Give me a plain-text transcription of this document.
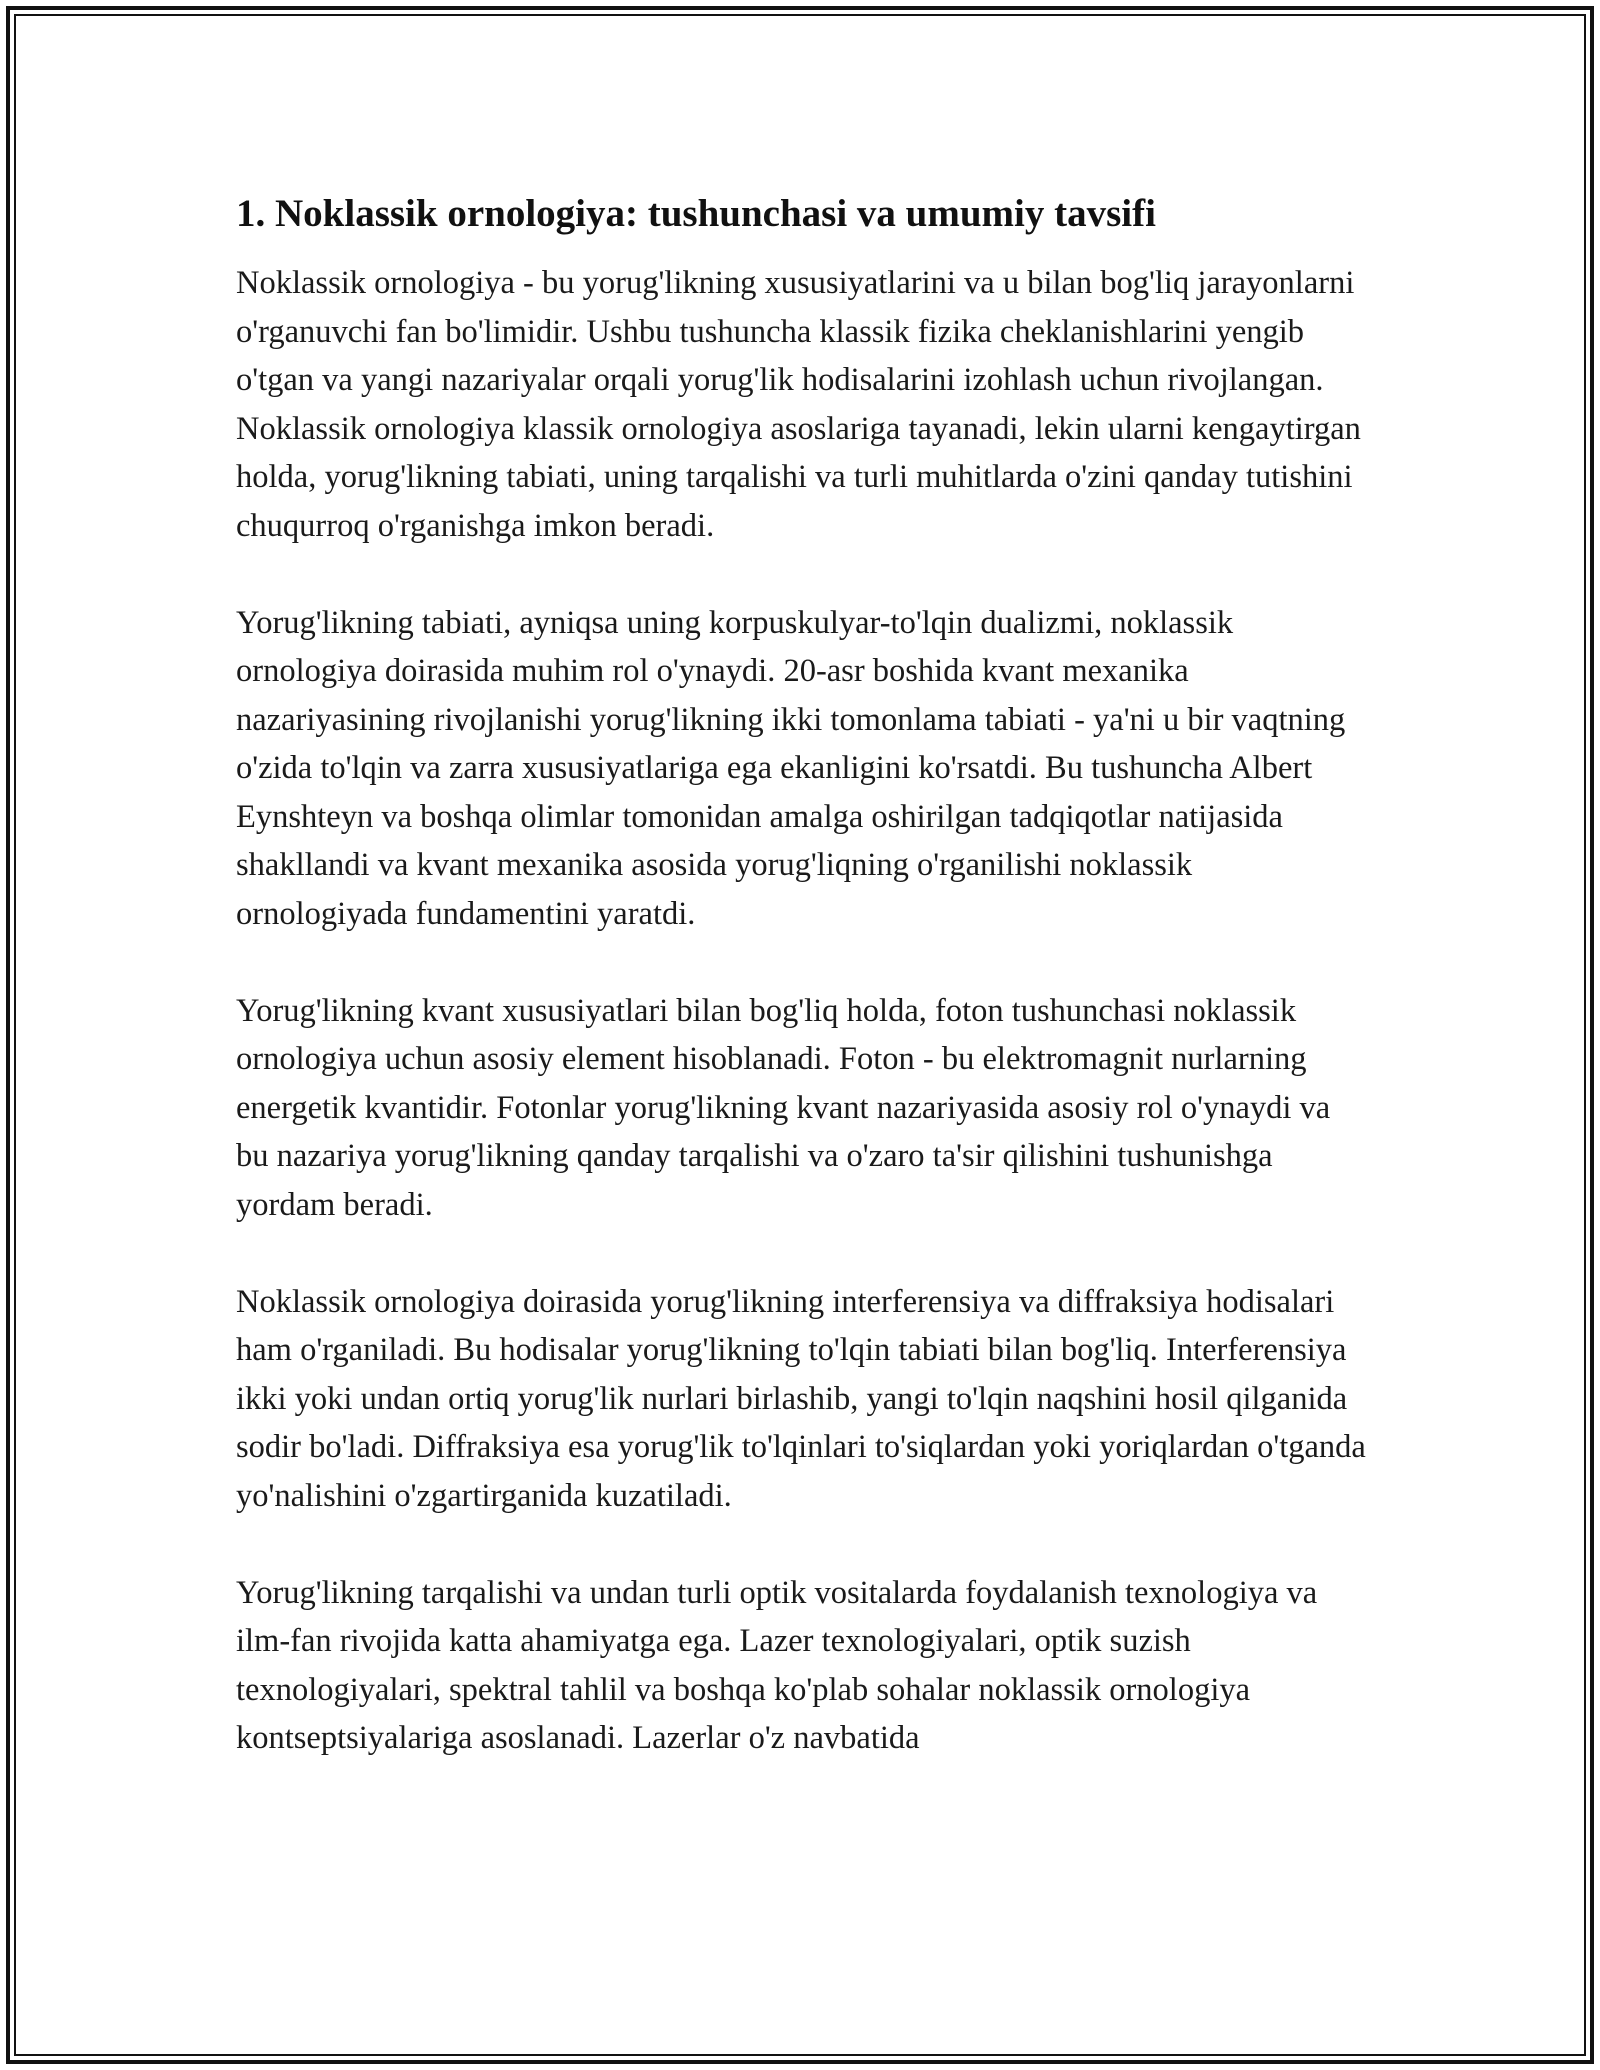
1. Noklassik ornologiya: tushunchasi va umumiy tavsifi

Noklassik ornologiya - bu yorug'likning xususiyatlarini va u bilan bog'liq jarayonlarni o'rganuvchi fan bo'limidir. Ushbu tushuncha klassik fizika cheklanishlarini yengib o'tgan va yangi nazariyalar orqali yorug'lik hodisalarini izohlash uchun rivojlangan. Noklassik ornologiya klassik ornologiya asoslariga tayanadi, lekin ularni kengaytirgan holda, yorug'likning tabiati, uning tarqalishi va turli muhitlarda o'zini qanday tutishini chuqurroq o'rganishga imkon beradi.

Yorug'likning tabiati, ayniqsa uning korpuskulyar-to'lqin dualizmi, noklassik ornologiya doirasida muhim rol o'ynaydi. 20-asr boshida kvant mexanika nazariyasining rivojlanishi yorug'likning ikki tomonlama tabiati - ya'ni u bir vaqtning o'zida to'lqin va zarra xususiyatlariga ega ekanligini ko'rsatdi. Bu tushuncha Albert Eynshteyn va boshqa olimlar tomonidan amalga oshirilgan tadqiqotlar natijasida shakllandi va kvant mexanika asosida yorug'liqning o'rganilishi noklassik ornologiyada fundamentini yaratdi.

Yorug'likning kvant xususiyatlari bilan bog'liq holda, foton tushunchasi noklassik ornologiya uchun asosiy element hisoblanadi. Foton - bu elektromagnit nurlarning energetik kvantidir. Fotonlar yorug'likning kvant nazariyasida asosiy rol o'ynaydi va bu nazariya yorug'likning qanday tarqalishi va o'zaro ta'sir qilishini tushunishga yordam beradi.

Noklassik ornologiya doirasida yorug'likning interferensiya va diffraksiya hodisalari ham o'rganiladi. Bu hodisalar yorug'likning to'lqin tabiati bilan bog'liq. Interferensiya ikki yoki undan ortiq yorug'lik nurlari birlashib, yangi to'lqin naqshini hosil qilganida sodir bo'ladi. Diffraksiya esa yorug'lik to'lqinlari to'siqlardan yoki yoriqlardan o'tganda yo'nalishini o'zgartirganida kuzatiladi.

Yorug'likning tarqalishi va undan turli optik vositalarda foydalanish texnologiya va ilm-fan rivojida katta ahamiyatga ega. Lazer texnologiyalari, optik suzish texnologiyalari, spektral tahlil va boshqa ko'plab sohalar noklassik ornologiya kontseptsiyalariga asoslanadi. Lazerlar o'z navbatida
